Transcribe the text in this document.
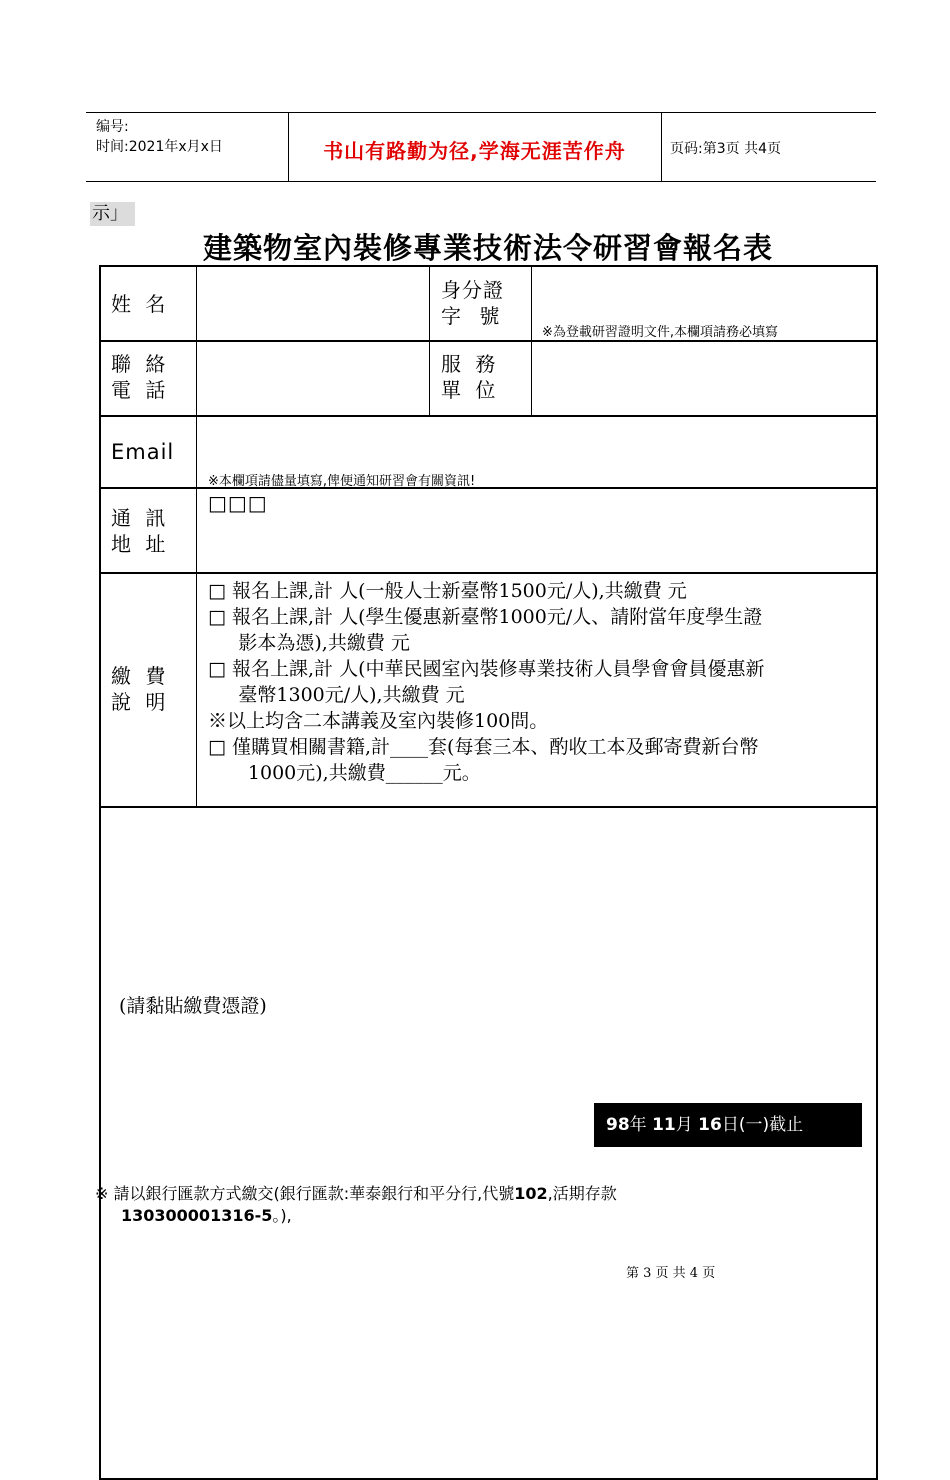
编号:
时间:2021年x月x日	书山有路勤为径,学海无涯苦作舟	页码:第3页 共4页
示」
建築物室內裝修專業技術法令研習會報名表
姓 名
身分證
字 號
※為登載研習證明文件,本欄項請務必填寫
聯 絡
電 話
服 務
單 位
Email
※本欄項請儘量填寫,俾便通知研習會有關資訊!
通 訊
地 址
□□□
繳 費
說 明
□ 報名上課,計 人(一般人士新臺幣1500元/人),共繳費 元
□ 報名上課,計 人(學生優惠新臺幣1000元/人、請附當年度學生證影本為憑),共繳費 元
□ 報名上課,計 人(中華民國室內裝修專業技術人員學會會員優惠新臺幣1300元/人),共繳費 元
※以上均含二本講義及室內裝修100問。
□ 僅購買相關書籍,計____套(每套三本、酌收工本及郵寄費新台幣1000元),共繳費______元。
(請黏貼繳費憑證)
98年 11月 16日(一)截止
※ 請以銀行匯款方式繳交(銀行匯款:華泰銀行和平分行,代號102,活期存款
130300001316-5。),
第 3 页 共 4 页
